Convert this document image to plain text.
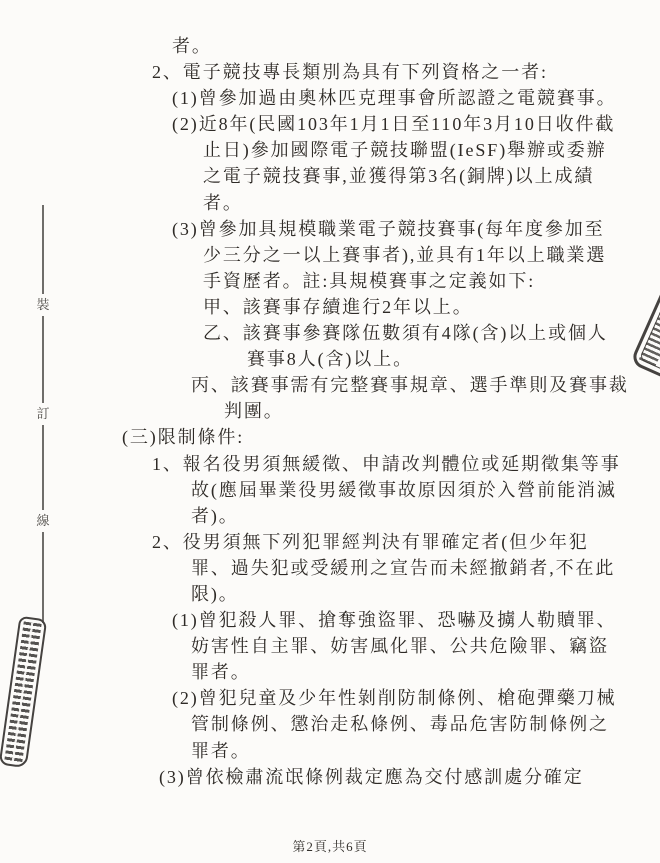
裝
訂
線
者。
2、電子競技專長類別為具有下列資格之一者:
(1)曾參加過由奧林匹克理事會所認證之電競賽事。
(2)近8年(民國103年1月1日至110年3月10日收件截
止日)參加國際電子競技聯盟(IeSF)舉辦或委辦
之電子競技賽事,並獲得第3名(銅牌)以上成績
者。
(3)曾參加具規模職業電子競技賽事(每年度參加至
少三分之一以上賽事者),並具有1年以上職業選
手資歷者。註:具規模賽事之定義如下:
甲、該賽事存續進行2年以上。
乙、該賽事參賽隊伍數須有4隊(含)以上或個人
賽事8人(含)以上。
丙、該賽事需有完整賽事規章、選手準則及賽事裁
判團。
(三)限制條件:
1、報名役男須無緩徵、申請改判體位或延期徵集等事
故(應屆畢業役男緩徵事故原因須於入營前能消滅
者)。
2、役男須無下列犯罪經判決有罪確定者(但少年犯
罪、過失犯或受緩刑之宣告而未經撤銷者,不在此
限)。
(1)曾犯殺人罪、搶奪強盜罪、恐嚇及擄人勒贖罪、
妨害性自主罪、妨害風化罪、公共危險罪、竊盜
罪者。
(2)曾犯兒童及少年性剝削防制條例、槍砲彈藥刀械
管制條例、懲治走私條例、毒品危害防制條例之
罪者。
(3)曾依檢肅流氓條例裁定應為交付感訓處分確定
第2頁,共6頁
